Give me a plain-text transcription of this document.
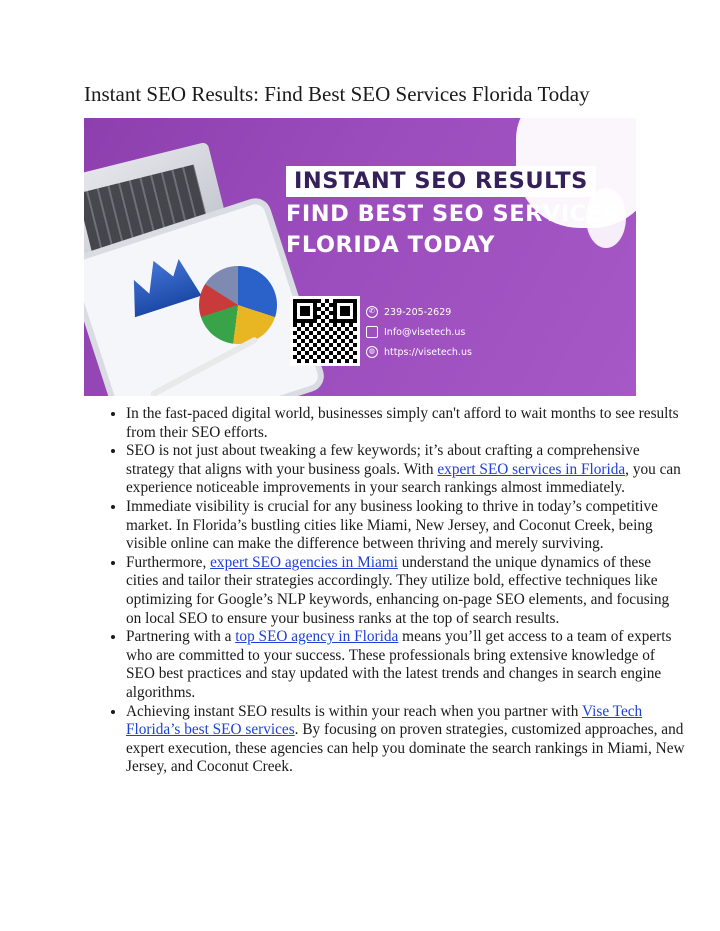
Instant SEO Results: Find Best SEO Services Florida Today
INSTANT SEO RESULTS
FIND BEST SEO SERVICES
FLORIDA TODAY
✆ 239-205-2629
Info@visetech.us
◍ https://visetech.us
• In the fast-paced digital world, businesses simply can't afford to wait months to see results from their SEO efforts.
• SEO is not just about tweaking a few keywords; it’s about crafting a comprehensive strategy that aligns with your business goals. With expert SEO services in Florida, you can experience noticeable improvements in your search rankings almost immediately.
• Immediate visibility is crucial for any business looking to thrive in today’s competitive market. In Florida’s bustling cities like Miami, New Jersey, and Coconut Creek, being visible online can make the difference between thriving and merely surviving.
• Furthermore, expert SEO agencies in Miami understand the unique dynamics of these cities and tailor their strategies accordingly. They utilize bold, effective techniques like optimizing for Google’s NLP keywords, enhancing on-page SEO elements, and focusing on local SEO to ensure your business ranks at the top of search results.
• Partnering with a top SEO agency in Florida means you’ll get access to a team of experts who are committed to your success. These professionals bring extensive knowledge of SEO best practices and stay updated with the latest trends and changes in search engine algorithms.
• Achieving instant SEO results is within your reach when you partner with Vise Tech Florida’s best SEO services. By focusing on proven strategies, customized approaches, and expert execution, these agencies can help you dominate the search rankings in Miami, New Jersey, and Coconut Creek.
